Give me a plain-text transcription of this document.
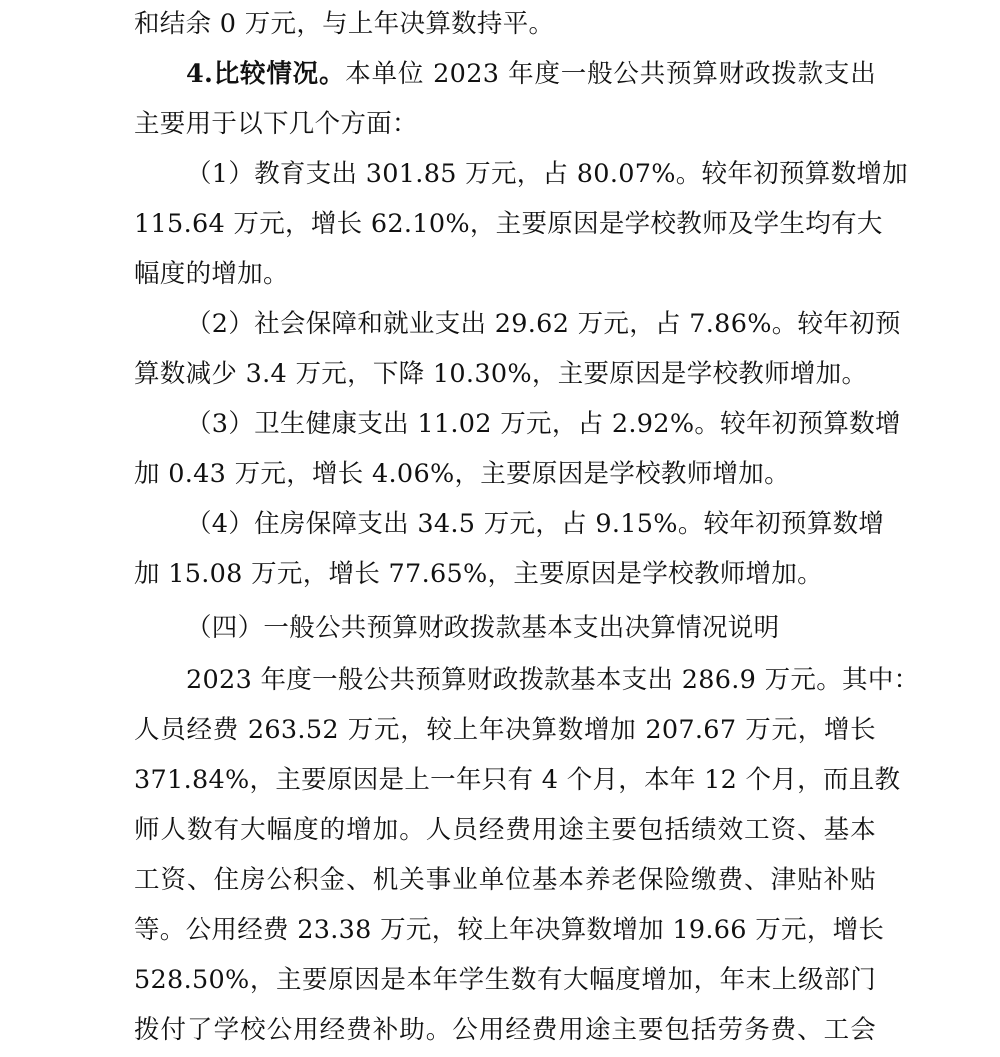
和结余 0 万元，与上年决算数持平。
4.比较情况。本单位 2023 年度一般公共预算财政拨款支出
主要用于以下几个方面：
（1）教育支出 301.85 万元，占 80.07%。较年初预算数增加
115.64 万元，增长 62.10%，主要原因是学校教师及学生均有大
幅度的增加。
（2）社会保障和就业支出 29.62 万元，占 7.86%。较年初预
算数减少 3.4 万元，下降 10.30%，主要原因是学校教师增加。
（3）卫生健康支出 11.02 万元，占 2.92%。较年初预算数增
加 0.43 万元，增长 4.06%，主要原因是学校教师增加。
（4）住房保障支出 34.5 万元，占 9.15%。较年初预算数增
加 15.08 万元，增长 77.65%，主要原因是学校教师增加。
（四）一般公共预算财政拨款基本支出决算情况说明
2023 年度一般公共预算财政拨款基本支出 286.9 万元。其中：
人员经费 263.52 万元，较上年决算数增加 207.67 万元，增长
371.84%，主要原因是上一年只有 4 个月，本年 12 个月，而且教
师人数有大幅度的增加。人员经费用途主要包括绩效工资、基本
工资、住房公积金、机关事业单位基本养老保险缴费、津贴补贴
等。公用经费 23.38 万元，较上年决算数增加 19.66 万元，增长
528.50%，主要原因是本年学生数有大幅度增加，年末上级部门
拨付了学校公用经费补助。公用经费用途主要包括劳务费、工会
